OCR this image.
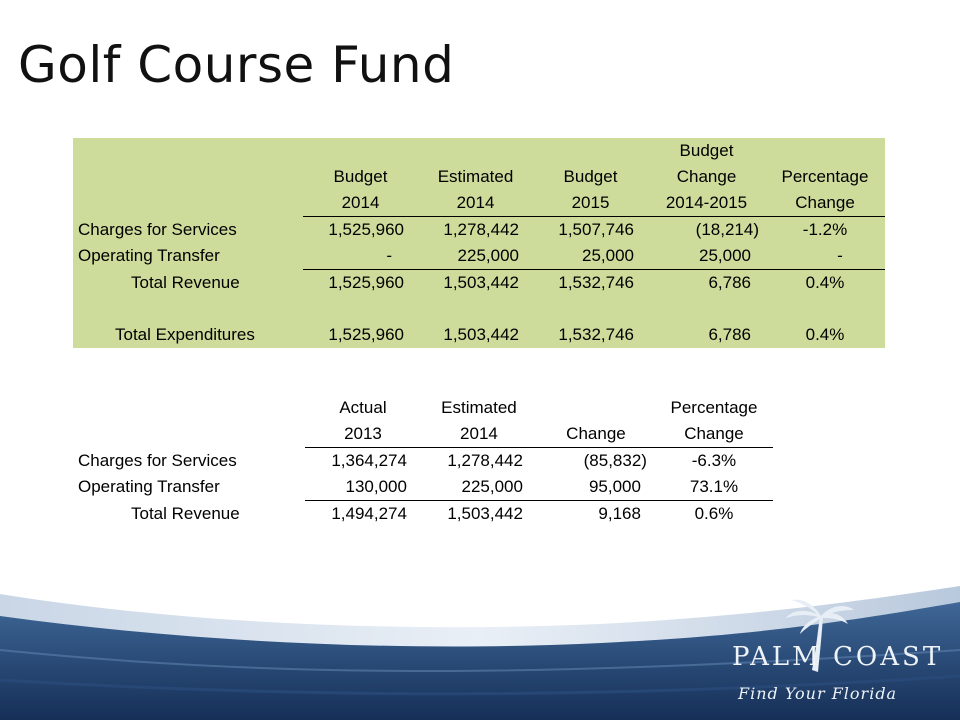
Golf Course Fund
				Budget	
	Budget	Estimated	Budget	Change	Percentage
	2014	2014	2015	2014-2015	Change
Charges for Services	1,525,960	1,278,442	1,507,746	(18,214)	-1.2%
Operating Transfer	-	225,000	25,000	25,000	-
Total Revenue	1,525,960	1,503,442	1,532,746	6,786	0.4%

Total Expenditures	1,525,960	1,503,442	1,532,746	6,786	0.4%
	Actual	Estimated		Percentage
	2013	2014	Change	Change
Charges for Services	1,364,274	1,278,442	(85,832)	-6.3%
Operating Transfer	130,000	225,000	95,000	73.1%
Total Revenue	1,494,274	1,503,442	9,168	0.6%
PALM COAST
Find Your Florida
